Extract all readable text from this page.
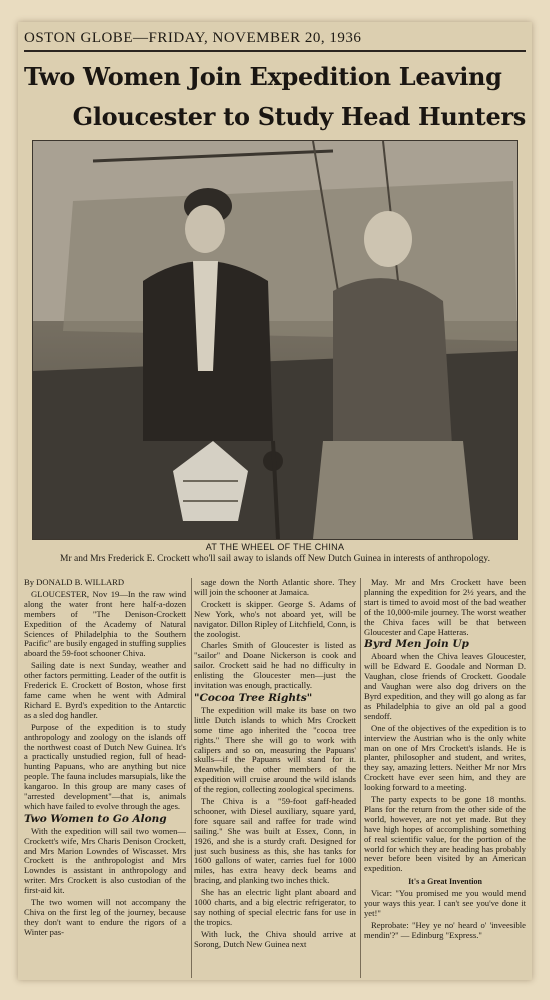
OSTON GLOBE—FRIDAY, NOVEMBER 20, 1936
Two Women Join Expedition Leaving
Gloucester to Study Head Hunters
AT THE WHEEL OF THE CHINA
Mr and Mrs Frederick E. Crockett who'll sail away to islands off New Dutch Guinea in interests of anthropology.

By DONALD B. WILLARD

GLOUCESTER, Nov 19—In the raw wind along the water front here half-a-dozen members of "The Denison-Crockett Expedition of the Academy of Natural Sciences of Philadelphia to the Southern Pacific" are busily engaged in stuffing supplies aboard the 59-foot schooner Chiva.

Sailing date is next Sunday, weather and other factors permitting. Leader of the outfit is Frederick E. Crockett of Boston, whose first fame came when he went with Admiral Richard E. Byrd's expedition to the Antarctic as a sled dog handler.

Purpose of the expedition is to study anthropology and zoology on the islands off the northwest coast of Dutch New Guinea. It's a practically unstudied region, full of head-hunting Papuans, who are anything but nice people. The fauna includes marsupials, like the kangaroo. In this group are many cases of "arrested development"—that is, animals which have failed to evolve through the ages.

Two Women to Go Along

With the expedition will sail two women—Crockett's wife, Mrs Charis Denison Crockett, and Mrs Marion Lowndes of Wiscasset. Mrs Crockett is the anthropologist and Mrs Lowndes is assistant in anthropology and writer. Mrs Crockett is also custodian of the first-aid kit.

The two women will not accompany the Chiva on the first leg of the journey, because they don't want to endure the rigors of a Winter pas-

sage down the North Atlantic shore. They will join the schooner at Jamaica.

Crockett is skipper. George S. Adams of New York, who's not aboard yet, will be navigator. Dillon Ripley of Litchfield, Conn, is the zoologist.

Charles Smith of Gloucester is listed as "sailor" and Doane Nickerson is cook and sailor. Crockett said he had no difficulty in enlisting the Gloucester men—just the invitation was enough, practically.

"Cocoa Tree Rights"

The expedition will make its base on two little Dutch islands to which Mrs Crockett some time ago inherited the "cocoa tree rights." There she will go to work with calipers and so on, measuring the Papuans' skulls—if the Papuans will stand for it. Meanwhile, the other members of the expedition will cruise around the wild islands of the region, collecting zoological specimens.

The Chiva is a "59-foot gaff-headed schooner, with Diesel auxiliary, square yard, fore square sail and raffee for trade wind sailing." She was built at Essex, Conn, in 1926, and she is a sturdy craft. Designed for just such business as this, she has tanks for 1600 gallons of water, carries fuel for 1000 miles, has extra heavy deck beams and bracing, and planking two inches thick.

She has an electric light plant aboard and 1000 charts, and a big electric refrigerator, to say nothing of special electric fans for use in the tropics.

With luck, the Chiva should arrive at Sorong, Dutch New Guinea next

May. Mr and Mrs Crockett have been planning the expedition for 2½ years, and the start is timed to avoid most of the bad weather of the 10,000-mile journey. The worst weather the Chiva faces will be that between Gloucester and Cape Hatteras.

Byrd Men Join Up

Aboard when the Chiva leaves Gloucester, will be Edward E. Goodale and Norman D. Vaughan, close friends of Crockett. Goodale and Vaughan were also dog drivers on the Byrd expedition, and they will go along as far as Philadelphia to give an old pal a good sendoff.

One of the objectives of the expedition is to interview the Austrian who is the only white man on one of Mrs Crockett's islands. He is planter, philosopher and student, and writes, they say, amazing letters. Neither Mr nor Mrs Crockett have ever seen him, and they are looking forward to a meeting.

The party expects to be gone 18 months. Plans for the return from the other side of the world, however, are not yet made. But they have high hopes of accomplishing something of real scientific value, for the portion of the world for which they are heading has probably never before been visited by an American expedition.

It's a Great Invention

Vicar: "You promised me you would mend your ways this year. I can't see you've done it yet!"

Reprobate: "Hey ye no' heard o' 'inveesible mendin'?" — Edinburg "Express."
